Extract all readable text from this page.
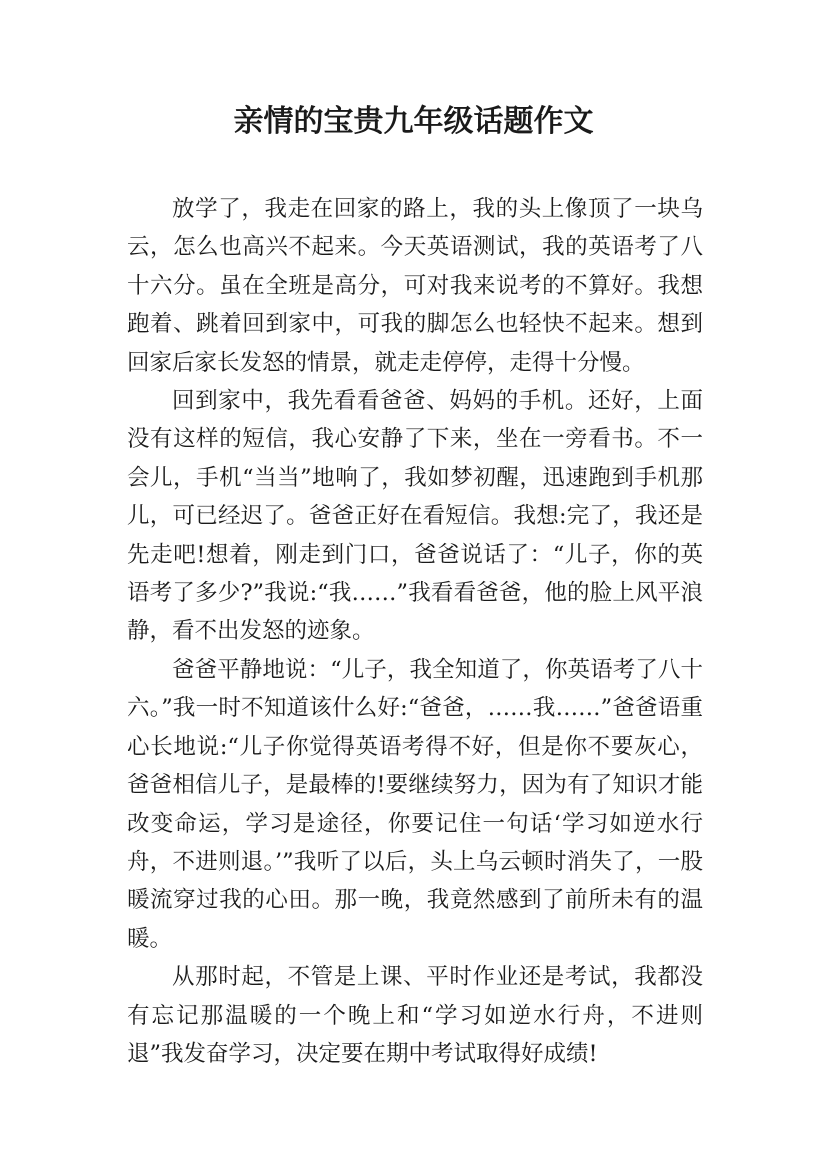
亲情的宝贵九年级话题作文

放学了，我走在回家的路上，我的头上像顶了一块乌云，怎么也高兴不起来。今天英语测试，我的英语考了八十六分。虽在全班是高分，可对我来说考的不算好。我想跑着、跳着回到家中，可我的脚怎么也轻快不起来。想到回家后家长发怒的情景，就走走停停，走得十分慢。

回到家中，我先看看爸爸、妈妈的手机。还好，上面没有这样的短信，我心安静了下来，坐在一旁看书。不一会儿，手机“当当”地响了，我如梦初醒，迅速跑到手机那儿，可已经迟了。爸爸正好在看短信。我想:完了，我还是先走吧!想着，刚走到门口，爸爸说话了：“儿子，你的英语考了多少?”我说:“我……”我看看爸爸，他的脸上风平浪静，看不出发怒的迹象。

爸爸平静地说：“儿子，我全知道了，你英语考了八十六。”我一时不知道该什么好:“爸爸，……我……”爸爸语重心长地说:“儿子你觉得英语考得不好，但是你不要灰心，爸爸相信儿子，是最棒的!要继续努力，因为有了知识才能改变命运，学习是途径，你要记住一句话‘学习如逆水行舟，不进则退。’”我听了以后，头上乌云顿时消失了，一股暖流穿过我的心田。那一晚，我竟然感到了前所未有的温暖。

从那时起，不管是上课、平时作业还是考试，我都没有忘记那温暖的一个晚上和“学习如逆水行舟，不进则退”我发奋学习，决定要在期中考试取得好成绩!
